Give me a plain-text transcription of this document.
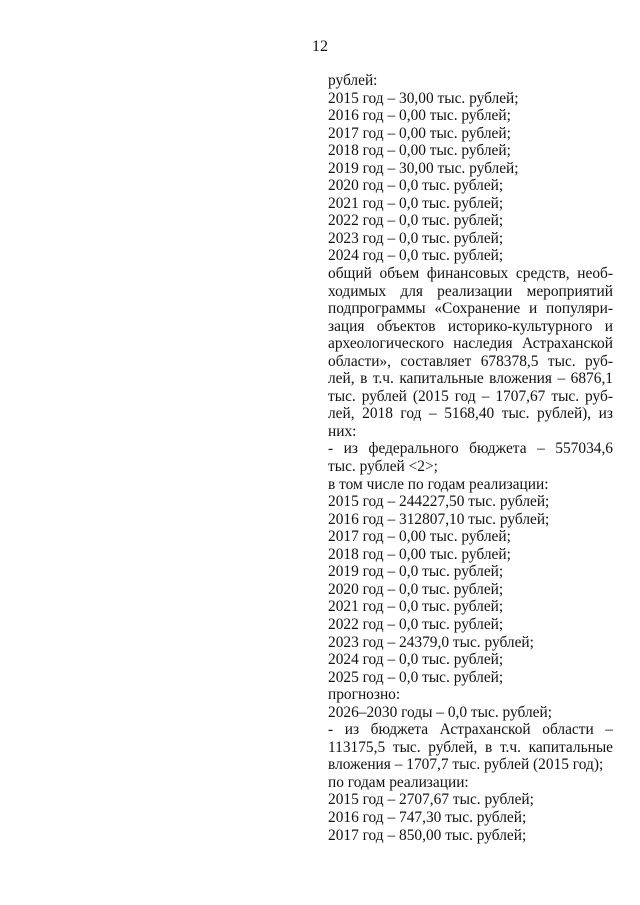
12
рублей:
2015 год – 30,00 тыс. рублей;
2016 год – 0,00 тыс. рублей;
2017 год – 0,00 тыс. рублей;
2018 год – 0,00 тыс. рублей;
2019 год – 30,00 тыс. рублей;
2020 год – 0,0 тыс. рублей;
2021 год – 0,0 тыс. рублей;
2022 год – 0,0 тыс. рублей;
2023 год – 0,0 тыс. рублей;
2024 год – 0,0 тыс. рублей;
общий объем финансовых средств, необ-
ходимых для реализации мероприятий
подпрограммы «Сохранение и популяри-
зация объектов историко-культурного и
археологического наследия Астраханской
области», составляет 678378,5 тыс. руб-
лей, в т.ч. капитальные вложения – 6876,1
тыс. рублей (2015 год – 1707,67 тыс. руб-
лей, 2018 год – 5168,40 тыс. рублей), из
них:
- из федерального бюджета – 557034,6
тыс. рублей <2>;
в том числе по годам реализации:
2015 год – 244227,50 тыс. рублей;
2016 год – 312807,10 тыс. рублей;
2017 год – 0,00 тыс. рублей;
2018 год – 0,00 тыс. рублей;
2019 год – 0,0 тыс. рублей;
2020 год – 0,0 тыс. рублей;
2021 год – 0,0 тыс. рублей;
2022 год – 0,0 тыс. рублей;
2023 год – 24379,0 тыс. рублей;
2024 год – 0,0 тыс. рублей;
2025 год – 0,0 тыс. рублей;
прогнозно:
2026–2030 годы – 0,0 тыс. рублей;
- из бюджета Астраханской области –
113175,5 тыс. рублей, в т.ч. капитальные
вложения – 1707,7 тыс. рублей (2015 год);
по годам реализации:
2015 год – 2707,67 тыс. рублей;
2016 год – 747,30 тыс. рублей;
2017 год – 850,00 тыс. рублей;
